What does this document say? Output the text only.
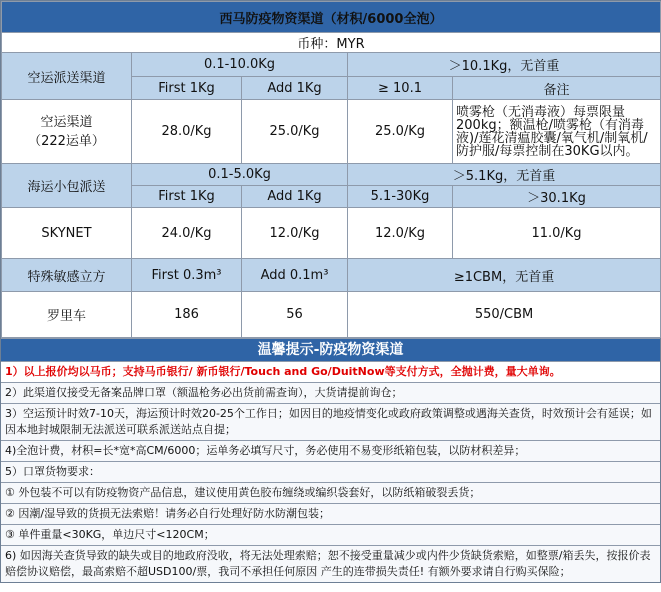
西马防疫物资渠道（材积/6000全泡）				
币种：MYR				
空运派送渠道	0.1-10.0Kg		＞10.1Kg，无首重	
	First 1Kg	Add 1Kg	≥ 10.1	备注

空运渠道
（222运单）	28.0/Kg	25.0/Kg	25.0/Kg	喷雾枪（无消毒液）每票限量200kg；额温枪/喷雾枪（有消毒液)/莲花清瘟胶囊/氧气机/制氧机/防护服/每票控制在30KG以内。
海运小包派送	0.1-5.0Kg		＞5.1Kg，无首重	
	First 1Kg	Add 1Kg	5.1-30Kg	＞30.1Kg
SKYNET	24.0/Kg	12.0/Kg	12.0/Kg	11.0/Kg
特殊敏感立方	First 0.3m³	Add 0.1m³	≥1CBM，无首重	
罗里车	186	56	550/CBM	
温馨提示-防疫物资渠道
1）以上报价均以马币；支持马币银行/ 新币银行/Touch and Go/DuitNow等支付方式，全抛计费，量大单询。
2）此渠道仅接受无备案品牌口罩（额温枪务必出货前需查询），大货请提前询仓；
3）空运预计时效7-10天，海运预计时效20-25个工作日；如因目的地疫情变化或政府政策调整或遇海关查货，时效预计会有延误；如因本地封城限制无法派送可联系派送站点自提；
4)全泡计费，材积=长*宽*高CM/6000；运单务必填写尺寸，务必使用不易变形纸箱包装，以防材积差异；
5）口罩货物要求：
① 外包装不可以有防疫物资产品信息，建议使用黄色胶布缠绕或编织袋套好，以防纸箱破裂丢货；
② 因潮/湿导致的货损无法索赔！请务必自行处理好防水防潮包装；
③ 单件重量<30KG，单边尺寸<120CM；
6) 如因海关查货导致的缺失或目的地政府没收，将无法处理索赔；恕不接受重量减少或内件少货缺货索赔，如整票/箱丢失，按报价表赔偿协议赔偿，最高索赔不超USD100/票，我司不承担任何原因 产生的连带损失责任! 有额外要求请自行购买保险；
